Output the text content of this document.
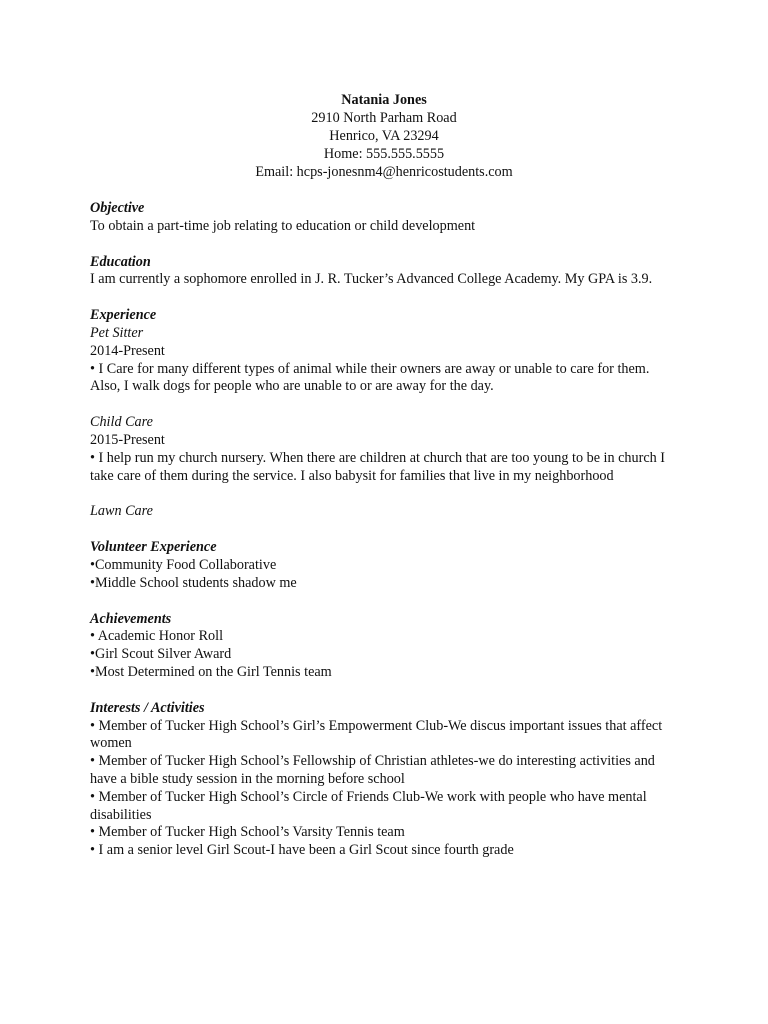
Natania Jones
2910 North Parham Road
Henrico, VA 23294
Home: 555.555.5555
Email: hcps-jonesnm4@henricostudents.com
Objective
To obtain a part-time job relating to education or child development
Education
I am currently a sophomore enrolled in J. R. Tucker’s Advanced College Academy. My GPA is 3.9.
Experience
Pet Sitter
2014-Present
• I Care for many different types of animal while their owners are away or unable to care for them. Also, I walk dogs for people who are unable to or are away for the day.
Child Care
2015-Present
• I help run my church nursery. When there are children at church that are too young to be in church I take care of them during the service. I also babysit for families that live in my neighborhood
Lawn Care
Volunteer Experience
•Community Food Collaborative
•Middle School students shadow me
Achievements
• Academic Honor Roll
•Girl Scout Silver Award
•Most Determined on the Girl Tennis team
Interests / Activities
• Member of Tucker High School’s Girl’s Empowerment Club-We discus important issues that affect women
• Member of Tucker High School’s Fellowship of Christian athletes-we do interesting activities and have a bible study session in the morning before school
• Member of Tucker High School’s Circle of Friends Club-We work with people who have mental disabilities
• Member of Tucker High School’s Varsity Tennis team
• I am a senior level Girl Scout-I have been a Girl Scout since fourth grade
